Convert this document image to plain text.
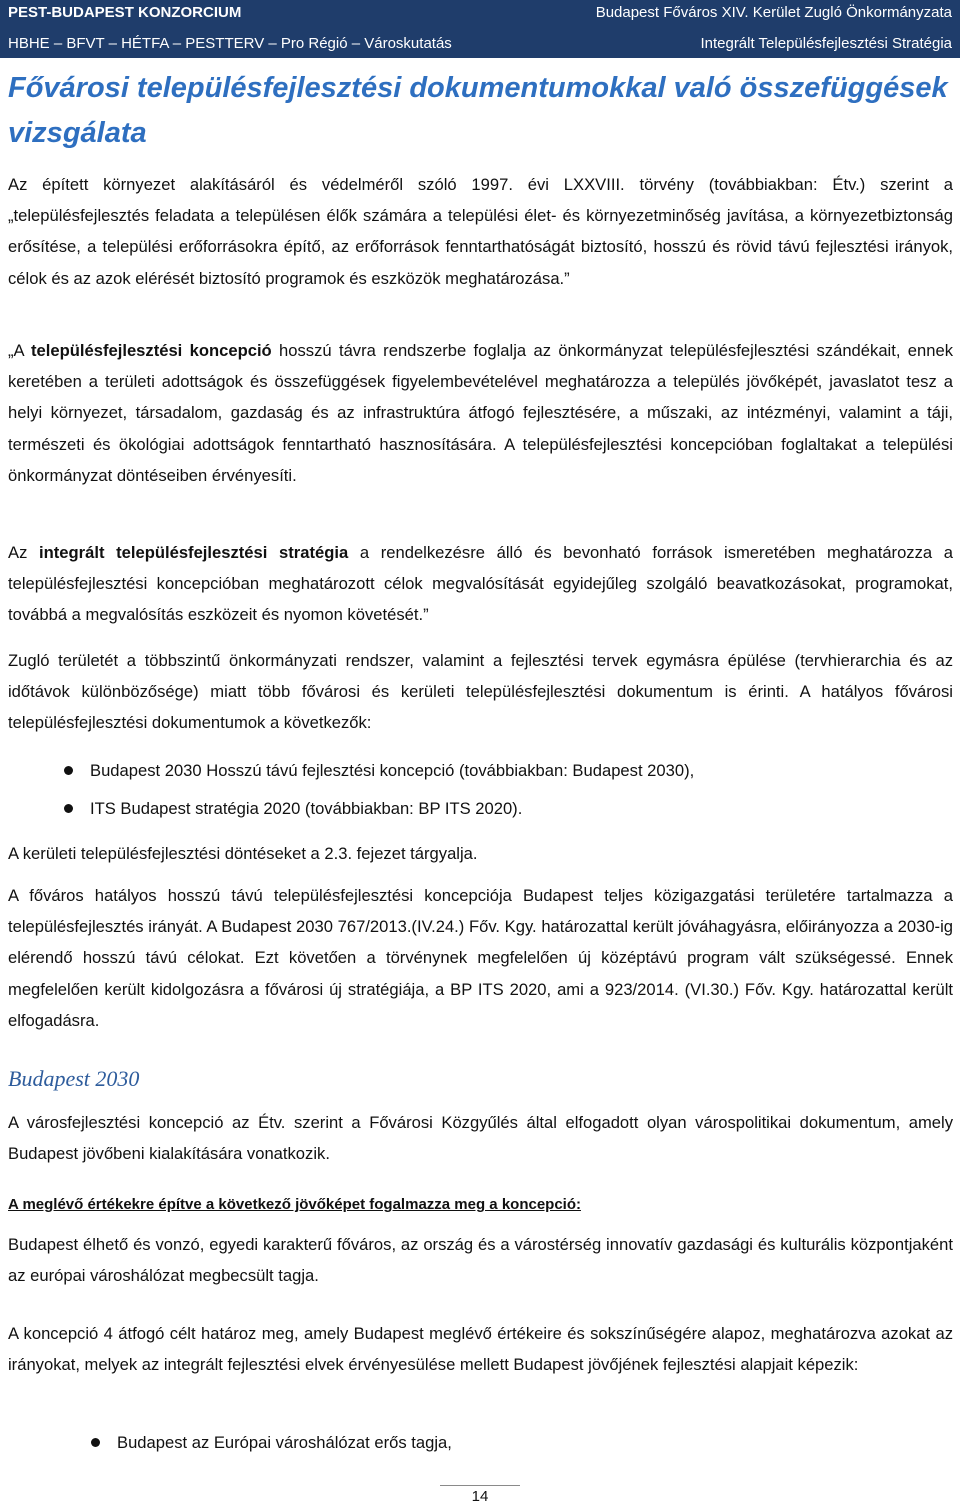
PEST-BUDAPEST KONZORCIUM	Budapest Főváros XIV. Kerület Zugló Önkormányzata
HBHE – BFVT – HÉTFA – PESTTERV – Pro Régió – Városkutatás	Integrált Településfejlesztési Stratégia
Fővárosi településfejlesztési dokumentumokkal való összefüggések vizsgálata

Az épített környezet alakításáról és védelméről szóló 1997. évi LXXVIII. törvény (továbbiakban: Étv.) szerint a „településfejlesztés feladata a településen élők számára a települési élet- és környezetminőség javítása, a környezetbiztonság erősítése, a települési erőforrásokra építő, az erőforrások fenntarthatóságát biztosító, hosszú és rövid távú fejlesztési irányok, célok és az azok elérését biztosító programok és eszközök meghatározása.”

„A településfejlesztési koncepció hosszú távra rendszerbe foglalja az önkormányzat településfejlesztési szándékait, ennek keretében a területi adottságok és összefüggések figyelembevételével meghatározza a település jövőképét, javaslatot tesz a helyi környezet, társadalom, gazdaság és az infrastruktúra átfogó fejlesztésére, a műszaki, az intézményi, valamint a táji, természeti és ökológiai adottságok fenntartható hasznosítására. A településfejlesztési koncepcióban foglaltakat a települési önkormányzat döntéseiben érvényesíti.

Az integrált településfejlesztési stratégia a rendelkezésre álló és bevonható források ismeretében meghatározza a településfejlesztési koncepcióban meghatározott célok megvalósítását egyidejűleg szolgáló beavatkozásokat, programokat, továbbá a megvalósítás eszközeit és nyomon követését.”

Zugló területét a többszintű önkormányzati rendszer, valamint a fejlesztési tervek egymásra épülése (tervhierarchia és az időtávok különbözősége) miatt több fővárosi és kerületi településfejlesztési dokumentum is érinti. A hatályos fővárosi településfejlesztési dokumentumok a következők:

Budapest 2030 Hosszú távú fejlesztési koncepció (továbbiakban: Budapest 2030),
ITS Budapest stratégia 2020 (továbbiakban: BP ITS 2020).

A kerületi településfejlesztési döntéseket a 2.3. fejezet tárgyalja.

A főváros hatályos hosszú távú településfejlesztési koncepciója Budapest teljes közigazgatási területére tartalmazza a településfejlesztés irányát. A Budapest 2030 767/2013.(IV.24.) Főv. Kgy. határozattal került jóváhagyásra, előirányozza a 2030-ig elérendő hosszú távú célokat. Ezt követően a törvénynek megfelelően új középtávú program vált szükségessé. Ennek megfelelően került kidolgozásra a fővárosi új stratégiája, a BP ITS 2020, ami a 923/2014. (VI.30.) Főv. Kgy. határozattal került elfogadásra.

Budapest 2030

A városfejlesztési koncepció az Étv. szerint a Fővárosi Közgyűlés által elfogadott olyan várospolitikai dokumentum, amely Budapest jövőbeni kialakítására vonatkozik.

A meglévő értékekre építve a következő jövőképet fogalmazza meg a koncepció:

Budapest élhető és vonzó, egyedi karakterű főváros, az ország és a várostérség innovatív gazdasági és kulturális központjaként az európai városhálózat megbecsült tagja.

A koncepció 4 átfogó célt határoz meg, amely Budapest meglévő értékeire és sokszínűségére alapoz, meghatározva azokat az irányokat, melyek az integrált fejlesztési elvek érvényesülése mellett Budapest jövőjének fejlesztési alapjait képezik:

Budapest az Európai városhálózat erős tagja,
14
